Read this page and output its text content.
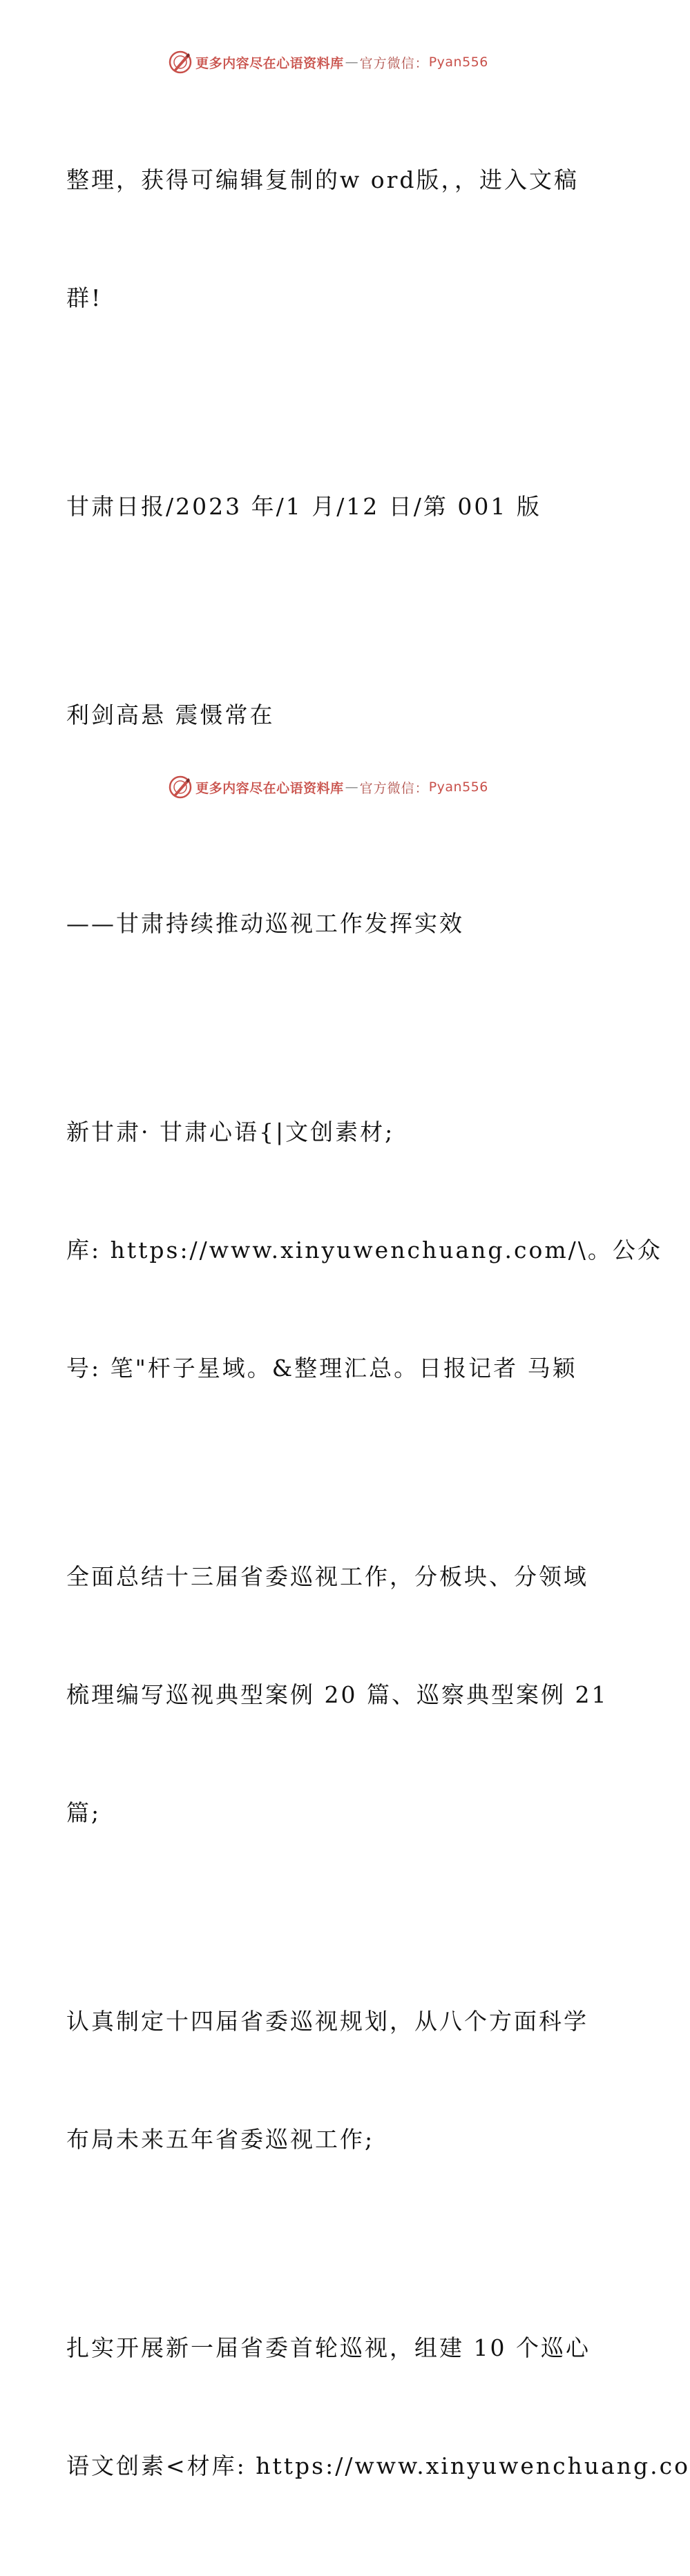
更多内容尽在心语资料库 — 官方微信： Pyan556

整理，获得可编辑复制的w ord版，，进入文稿

群!

甘肃日报/2023 年/1 月/12 日/第 001 版

利剑高悬 震慑常在

——甘肃持续推动巡视工作发挥实效

新甘肃· 甘肃心语{|文创素材;

库: https://www.xinyuwenchuang.com/\。公众

号: 笔"杆子星域。&整理汇总。日报记者 马颖

全面总结十三届省委巡视工作，分板块、分领域

梳理编写巡视典型案例 20 篇、巡察典型案例 21

篇;

认真制定十四届省委巡视规划，从八个方面科学

布局未来五年省委巡视工作;

扎实开展新一届省委首轮巡视，组建 10 个巡心

语文创素<材库: https://www.xinyuwenchuang.co

更多内容尽在心语资料库 — 官方微信： Pyan556
